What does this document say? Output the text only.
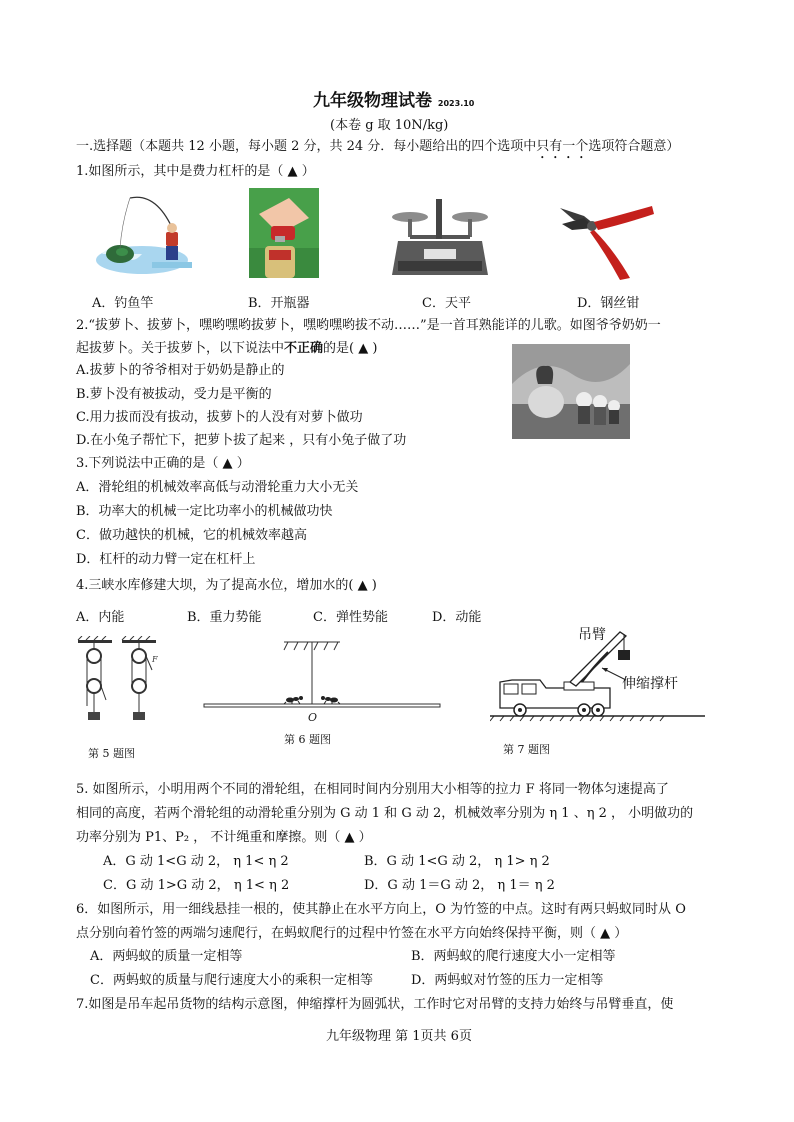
九年级物理试卷 2023.10
(本卷 g 取 10N/kg)
一.选择题（本题共 12 小题，每小题 2 分，共 24 分．每小题给出的四个选项中只有一个选项符合题意）
1.如图所示，其中是费力杠杆的是（ ▲ ）
A．钓鱼竿	B．开瓶器	C．天平	D．钢丝钳
2.“拔萝卜、拔萝卜，嘿哟嘿哟拔萝卜，嘿哟嘿哟拔不动……”是一首耳熟能详的儿歌。如图爷爷奶奶一
起拔萝卜。关于拔萝卜，以下说法中不正确的是( ▲ )
A.拔萝卜的爷爷相对于奶奶是静止的
B.萝卜没有被拔动，受力是平衡的
C.用力拔而没有拔动，拔萝卜的人没有对萝卜做功
D.在小兔子帮忙下，把萝卜拔了起来 ，只有小兔子做了功
3.下列说法中正确的是（ ▲ ）
A．滑轮组的机械效率高低与动滑轮重力大小无关
B．功率大的机械一定比功率小的机械做功快
C．做功越快的机械，它的机械效率越高
D．杠杆的动力臂一定在杠杆上
4.三峡水库修建大坝，为了提高水位，增加水的( ▲ )
A．内能	B．重力势能	C．弹性势能	D．动能
F
第 5 题图
O
第 6 题图
吊臂
伸缩撑杆
第 7 题图
5. 如图所示，小明用两个不同的滑轮组，在相同时间内分别用大小相等的拉力 F 将同一物体匀速提高了
相同的高度，若两个滑轮组的动滑轮重分别为 G 动 1 和 G 动 2，机械效率分别为 η 1 、η 2 ， 小明做功的
功率分别为 P1、P₂ ， 不计绳重和摩擦。则（ ▲ ）
A．G 动 1<G 动 2， η 1< η 2	B．G 动 1<G 动 2， η 1> η 2
C．G 动 1>G 动 2， η 1< η 2	D．G 动 1＝G 动 2， η 1＝ η 2
6．如图所示，用一细线悬挂一根的，使其静止在水平方向上，O 为竹签的中点。这时有两只蚂蚁同时从 O
点分别向着竹签的两端匀速爬行，在蚂蚁爬行的过程中竹签在水平方向始终保持平衡，则（ ▲ ）
A．两蚂蚁的质量一定相等	B．两蚂蚁的爬行速度大小一定相等
C．两蚂蚁的质量与爬行速度大小的乘积一定相等	D．两蚂蚁对竹签的压力一定相等
7.如图是吊车起吊货物的结构示意图，伸缩撑杆为圆弧状，工作时它对吊臂的支持力始终与吊臂垂直，使
九年级物理 第 1页共 6页
